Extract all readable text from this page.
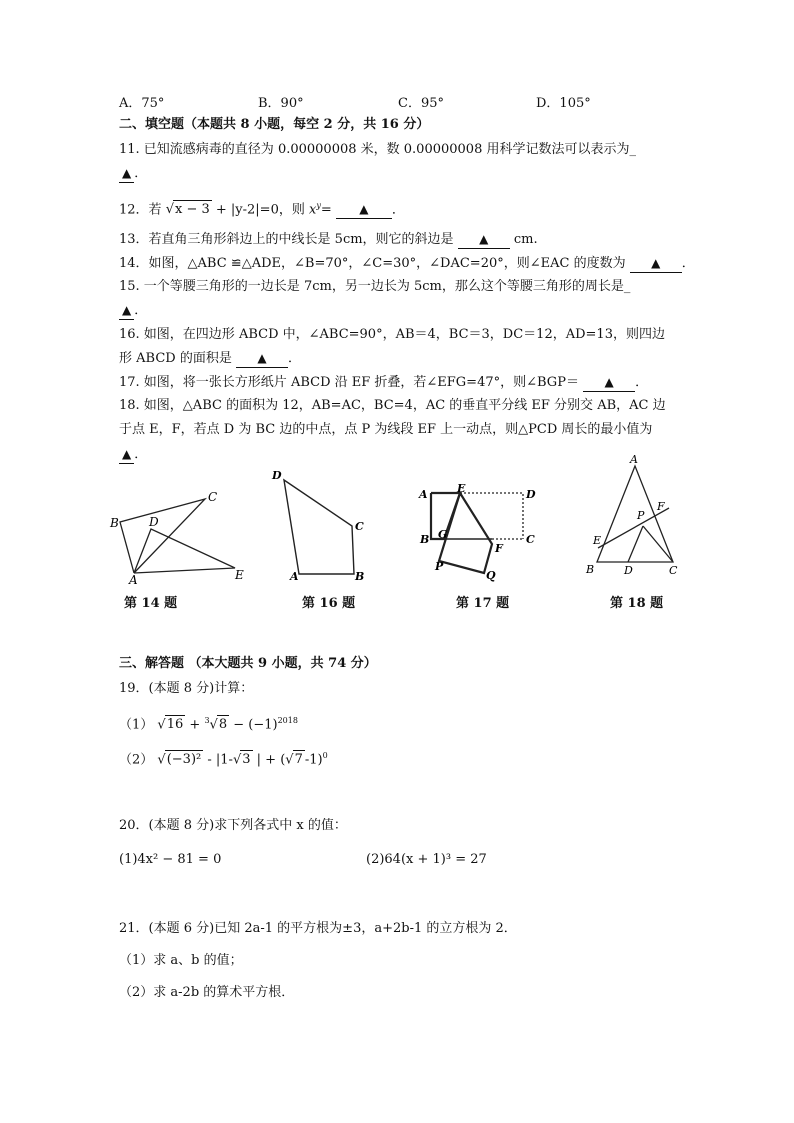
A．75°	B．90°	C．95°	D．105°
二、填空题（本题共 8 小题，每空 2 分，共 16 分）
11. 已知流感病毒的直径为 0.00000008 米，数 0.00000008 用科学记数法可以表示为_
▲ ．
12．若 √x − 3 + |y-2|=0，则 $x^y=$ ▲ ．
13．若直角三角形斜边上的中线长是 5cm，则它的斜边是 ▲ cm.
14．如图，△ABC ≌△ADE，∠B=70°，∠C=30°，∠DAC=20°，则∠EAC 的度数为 ▲ ．
15. 一个等腰三角形的一边长是 7cm，另一边长为 5cm，那么这个等腰三角形的周长是_
▲ ．
16. 如图，在四边形 ABCD 中，∠ABC=90°，AB＝4，BC＝3，DC＝12，AD=13，则四边
形 ABCD 的面积是 ▲ ．
17. 如图，将一张长方形纸片 ABCD 沿 EF 折叠，若∠EFG=47°，则∠BGP＝ ▲ ．
18. 如图，△ABC 的面积为 12，AB=AC，BC=4，AC 的垂直平分线 EF 分别交 AB，AC 边
于点 E，F，若点 D 为 BC 边的中点，点 P 为线段 EF 上一动点，则△PCD 周长的最小值为
▲ ．
B
C
D
A	E
D
C
A	B
A	E	D
B G	C
F
P
Q
A
F
P
E
B	D	C
第 14 题	第 16 题	第 17 题	第 18 题
三、解答题 （本大题共 9 小题，共 74 分）
19．(本题 8 分)计算：
（1） $√16 + ^3√8 - (-1)^{2018}$
（2） √(−3)² - |1-√3 | + (√7 -1)$^0$
20．(本题 8 分)求下列各式中 x 的值：
(1)4x² − 81 = 0	(2)64(x + 1)³ = 27
21．(本题 6 分)已知 2a-1 的平方根为±3，a+2b-1 的立方根为 2．
（1）求 a、b 的值；
（2）求 a-2b 的算术平方根．
